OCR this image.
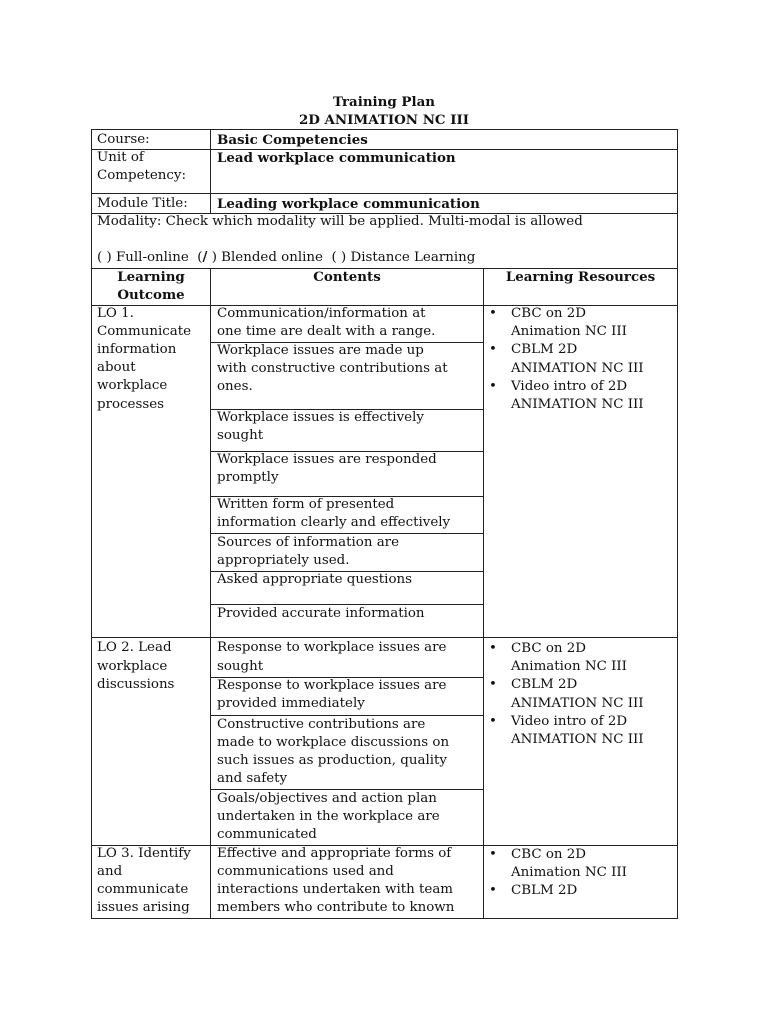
Training Plan
2D ANIMATION NC III
Course:	Basic Competencies
Unit of
Competency:
Lead workplace communication
Module Title: Leading workplace communication
Modality: Check which modality will be applied. Multi-modal is allowed
( ) Full-online (/ ) Blended online ( ) Distance Learning
Learning
Outcome
Contents	Learning Resources
LO 1.
Communicate
information
about
workplace
processes
Communication/information at
one time are dealt with a range.
Workplace issues are made up
with constructive contributions at
ones.
Workplace issues is effectively
sought
Workplace issues are responded
promptly
Written form of presented
information clearly and effectively
Sources of information are
appropriately used.
Asked appropriate questions
Provided accurate information
• CBC on 2D
Animation NC III
• CBLM 2D
ANIMATION NC III
• Video intro of 2D
ANIMATION NC III
LO 2. Lead
workplace
discussions
Response to workplace issues are
sought
Response to workplace issues are
provided immediately
Constructive contributions are
made to workplace discussions on
such issues as production, quality
and safety
Goals/objectives and action plan
undertaken in the workplace are
communicated
• CBC on 2D
Animation NC III
• CBLM 2D
ANIMATION NC III
• Video intro of 2D
ANIMATION NC III
LO 3. Identify
and
communicate
issues arising
Effective and appropriate forms of
communications used and
interactions undertaken with team
members who contribute to known
• CBC on 2D
Animation NC III
• CBLM 2D
